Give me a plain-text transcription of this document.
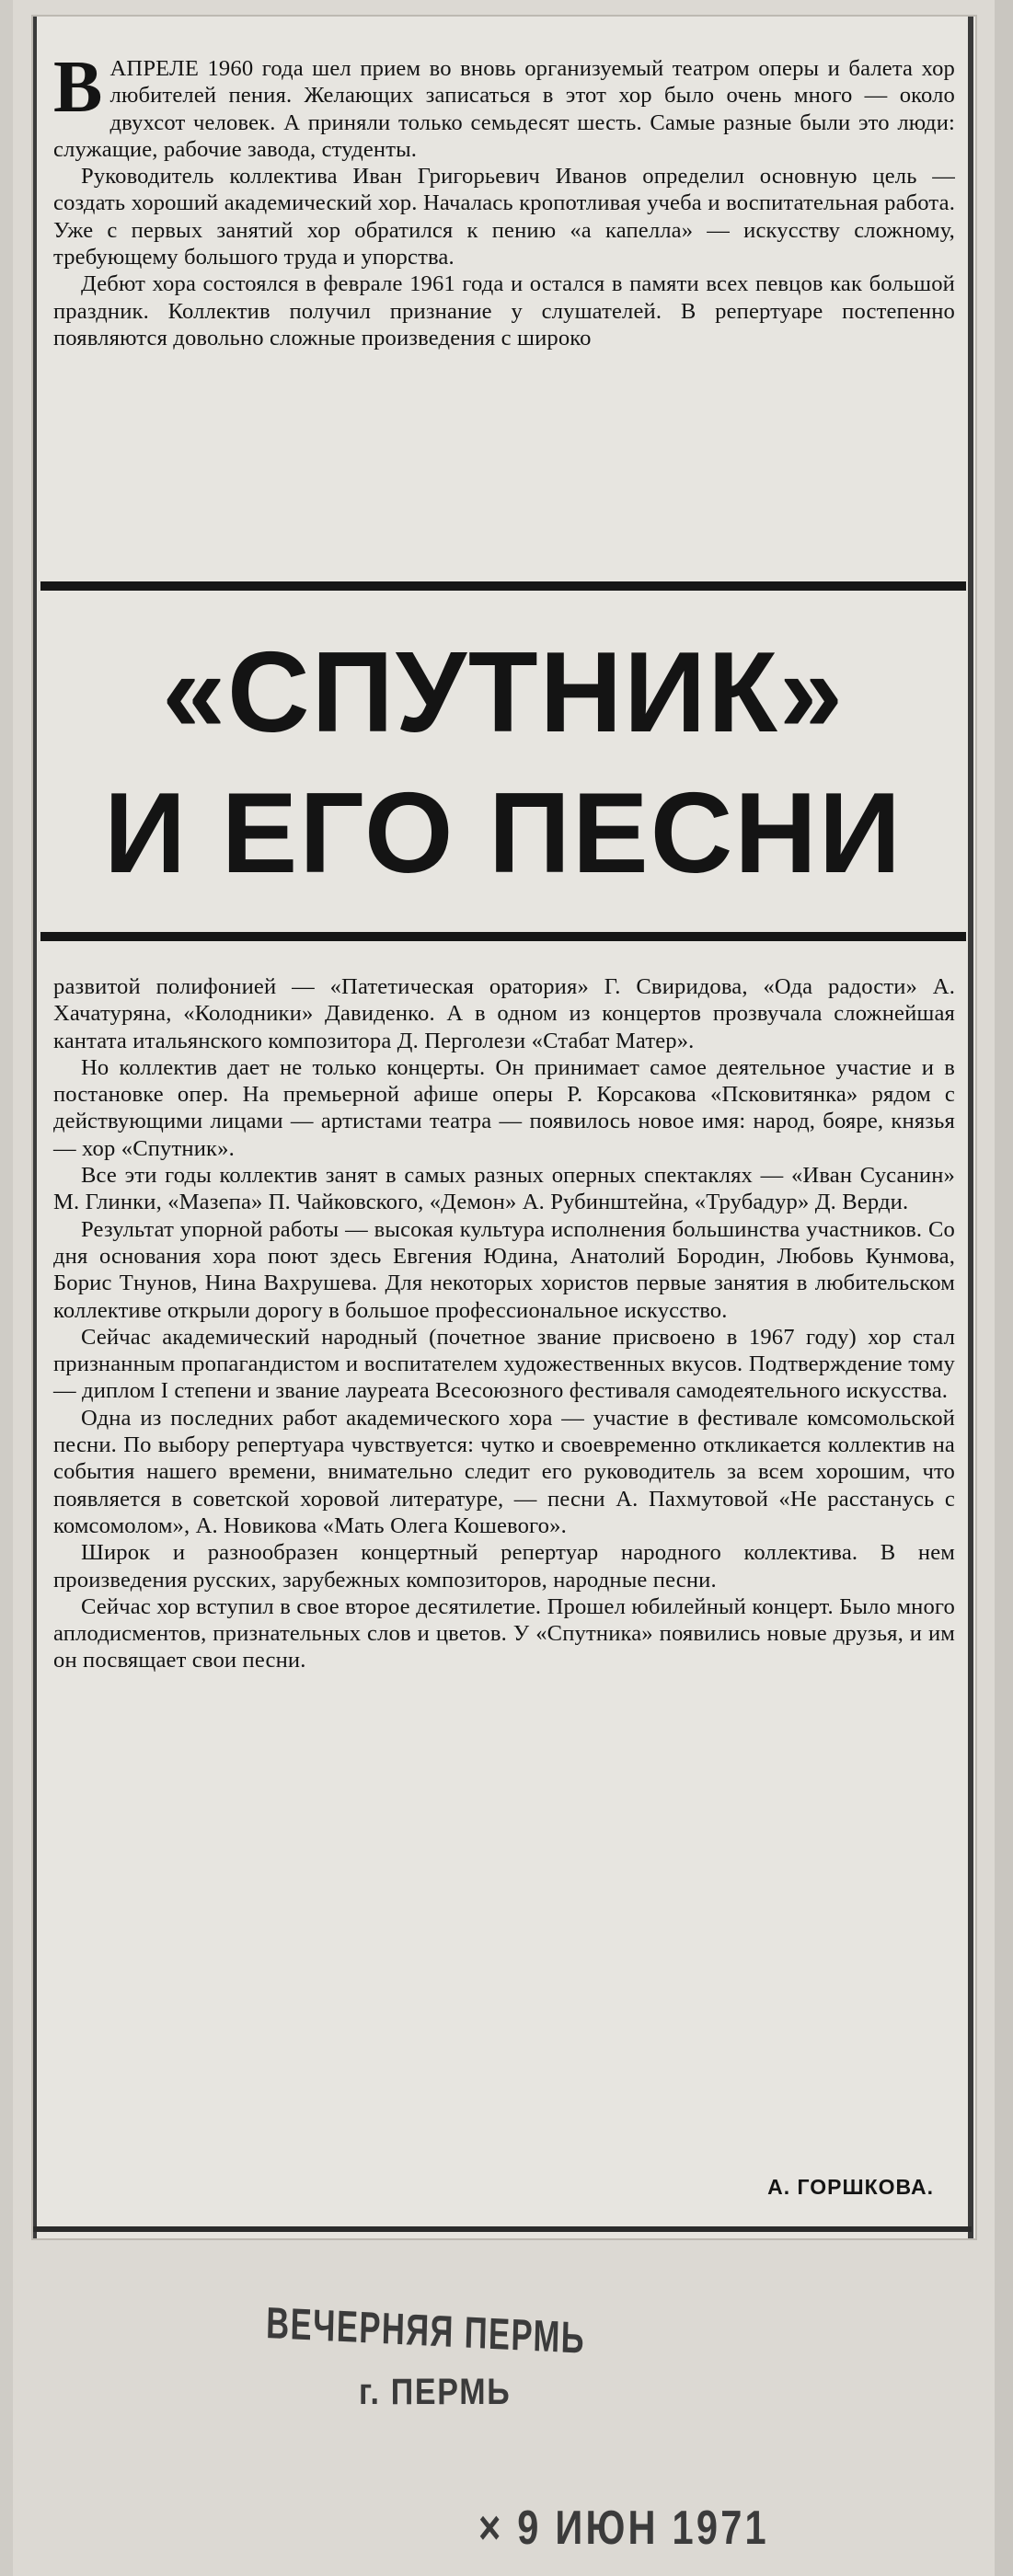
ВАПРЕЛЕ 1960 года шел прием во вновь организуемый театром оперы и балета хор любителей пения. Желающих записаться в этот хор было очень много — около двухсот человек. А приняли только семьдесят шесть. Самые разные были это люди: служащие, рабочие завода, студенты.

Руководитель коллектива Иван Григорьевич Иванов определил основную цель — создать хороший академический хор. Началась кропотливая учеба и воспитательная работа. Уже с первых занятий хор обратился к пению «а капелла» — искусству сложному, требующему большого труда и упорства.

Дебют хора состоялся в феврале 1961 года и остался в памяти всех певцов как большой праздник. Коллектив получил признание у слушателей. В репертуаре постепенно появляются довольно сложные произведения с широко

«СПУТНИК»
И ЕГО ПЕСНИ

развитой полифонией — «Патетическая оратория» Г. Свиридова, «Ода радости» А. Хачатуряна, «Колодники» Давиденко. А в одном из концертов прозвучала сложнейшая кантата итальянского композитора Д. Перголези «Стабат Матер».

Но коллектив дает не только концерты. Он принимает самое деятельное участие и в постановке опер. На премьерной афише оперы Р. Корсакова «Псковитянка» рядом с действующими лицами — артистами театра — появилось новое имя: народ, бояре, князья — хор «Спутник».

Все эти годы коллектив занят в самых разных оперных спектаклях — «Иван Сусанин» М. Глинки, «Мазепа» П. Чайковского, «Демон» А. Рубинштейна, «Трубадур» Д. Верди.

Результат упорной работы — высокая культура исполнения большинства участников. Со дня основания хора поют здесь Евгения Юдина, Анатолий Бородин, Любовь Кунмова, Борис Тнунов, Нина Вахрушева. Для некоторых хористов первые занятия в любительском коллективе открыли дорогу в большое профессиональное искусство.

Сейчас академический народный (почетное звание присвоено в 1967 году) хор стал признанным пропагандистом и воспитателем художественных вкусов. Подтверждение тому — диплом I степени и звание лауреата Всесоюзного фестиваля самодеятельного искусства.

Одна из последних работ академического хора — участие в фестивале комсомольской песни. По выбору репертуара чувствуется: чутко и своевременно откликается коллектив на события нашего времени, внимательно следит его руководитель за всем хорошим, что появляется в советской хоровой литературе, — песни А. Пахмутовой «Не расстанусь с комсомолом», А. Новикова «Мать Олега Кошевого».

Широк и разнообразен концертный репертуар народного коллектива. В нем произведения русских, зарубежных композиторов, народные песни.

Сейчас хор вступил в свое второе десятилетие. Прошел юбилейный концерт. Было много аплодисментов, признательных слов и цветов. У «Спутника» появились новые друзья, и им он посвящает свои песни.

А. ГОРШКОВА.
ВЕЧЕРНЯЯ ПЕРМЬ
г. ПЕРМЬ
× 9 ИЮН 1971
